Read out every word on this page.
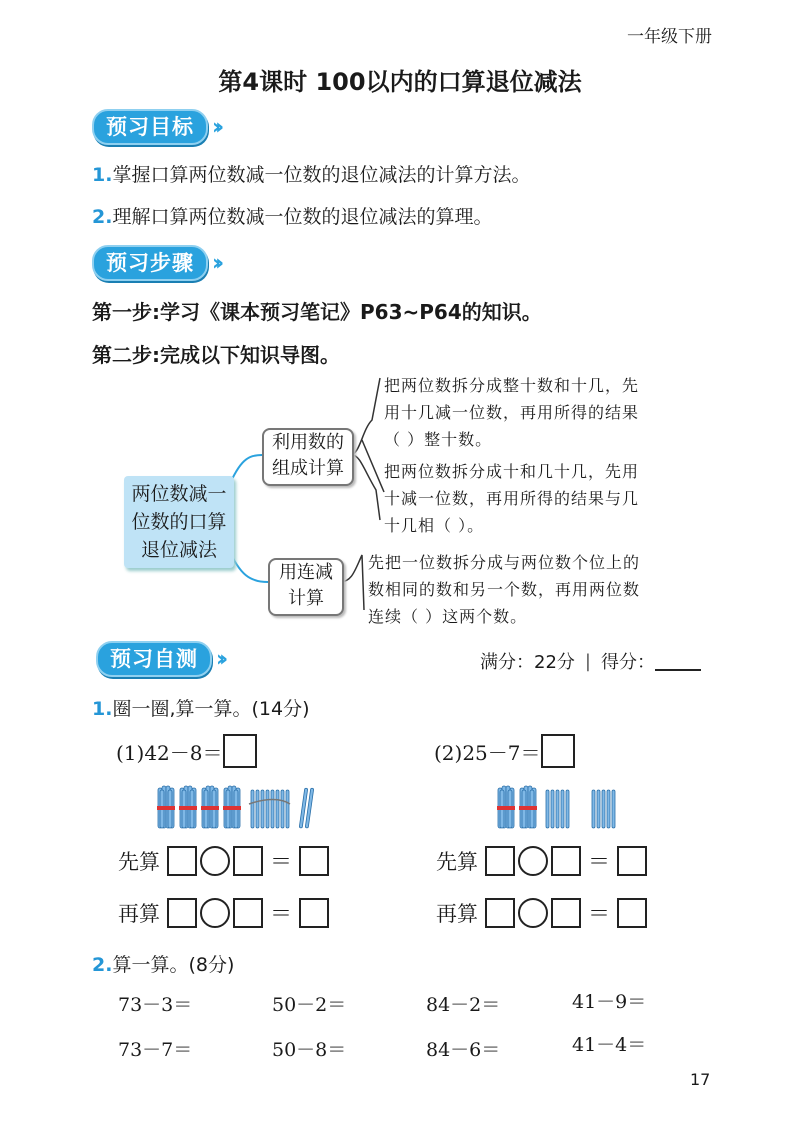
一年级下册
第4课时 100以内的口算退位减法
预习目标 ››
1.掌握口算两位数减一位数的退位减法的计算方法。
2.理解口算两位数减一位数的退位减法的算理。
预习步骤 ››
第一步:学习《课本预习笔记》P63~P64的知识。
第二步:完成以下知识导图。
两位数减一
位数的口算
退位减法
利用数的
组成计算
用连减
计算
把两位数拆分成整十数和十几，先
用十几减一位数，再用所得的结果
（ ）整十数。
把两位数拆分成十和几十几，先用
十减一位数，再用所得的结果与几
十几相（ ）。
先把一位数拆分成与两位数个位上的
数相同的数和另一个数，再用两位数
连续（ ）这两个数。
预习自测 ››	满分：22分 | 得分：
1.圈一圈,算一算。(14分)
(1)42－8＝	(2)25－7＝
先算	＝
再算	＝
先算	＝
再算	＝
2.算一算。(8分)
73－3＝	50－2＝	84－2＝	41－9＝
73－7＝	50－8＝	84－6＝	41－4＝
17
